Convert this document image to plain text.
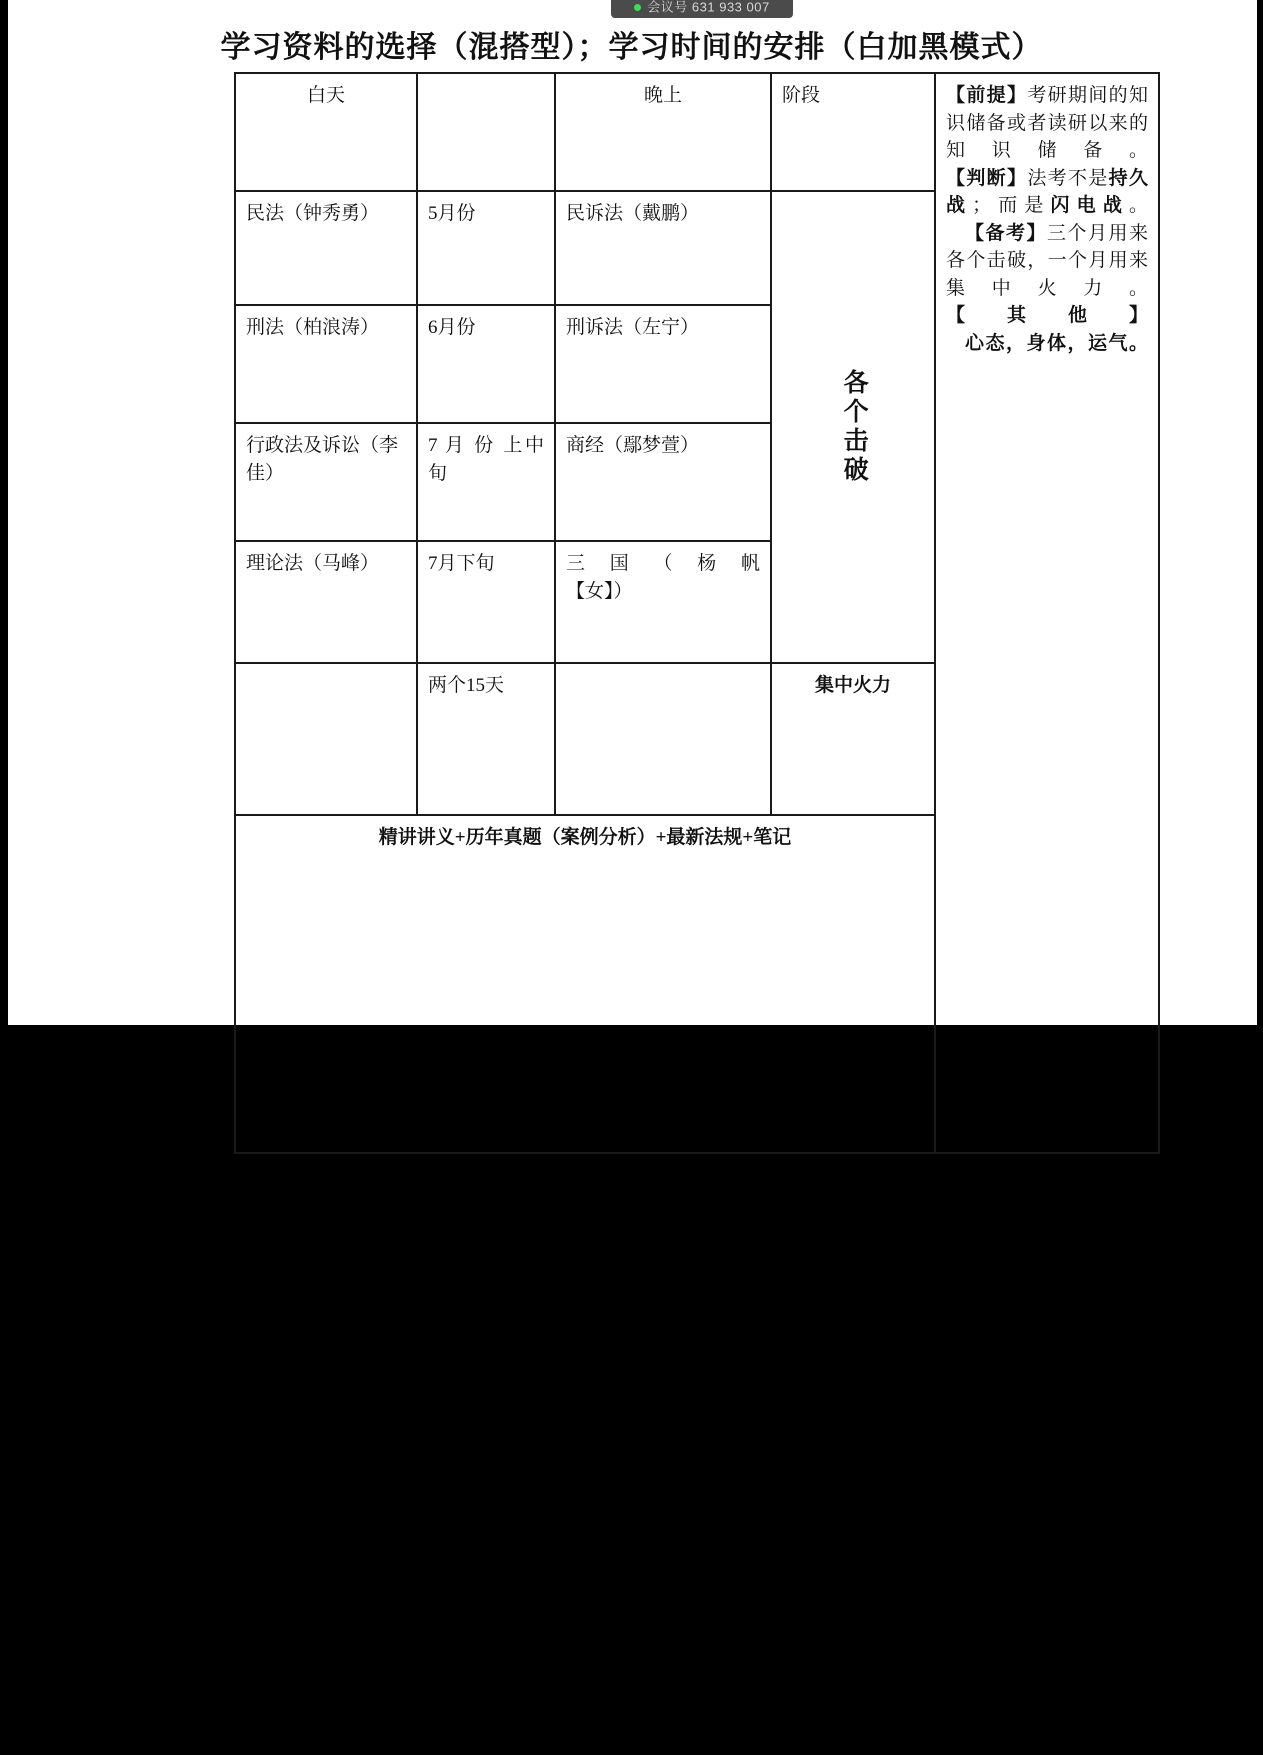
会议号 631 933 007
学习资料的选择（混搭型）；学习时间的安排（白加黑模式）
白天		晚上	阶段	【前提】考研期间的知识储备或者读研以来的知识储备。

【判断】法考不是持久战；而是闪电战。

【备考】三个月用来各个击破，一个月用来集中火力。

【其他】

心态，身体，运气。

民法（钟秀勇）	5月份	民诉法（戴鹏）	各个击破	

刑法（柏浪涛）	6月份	刑诉法（左宁）		
行政法及诉讼（李佳）	7 月 份 上中旬	商经（鄢梦萱）		
理论法（马峰）	7月下旬	三 国 （ 杨 帆
【女】）		

	两个15天		集中火力	
精讲讲义+历年真题（案例分析）+最新法规+笔记				
